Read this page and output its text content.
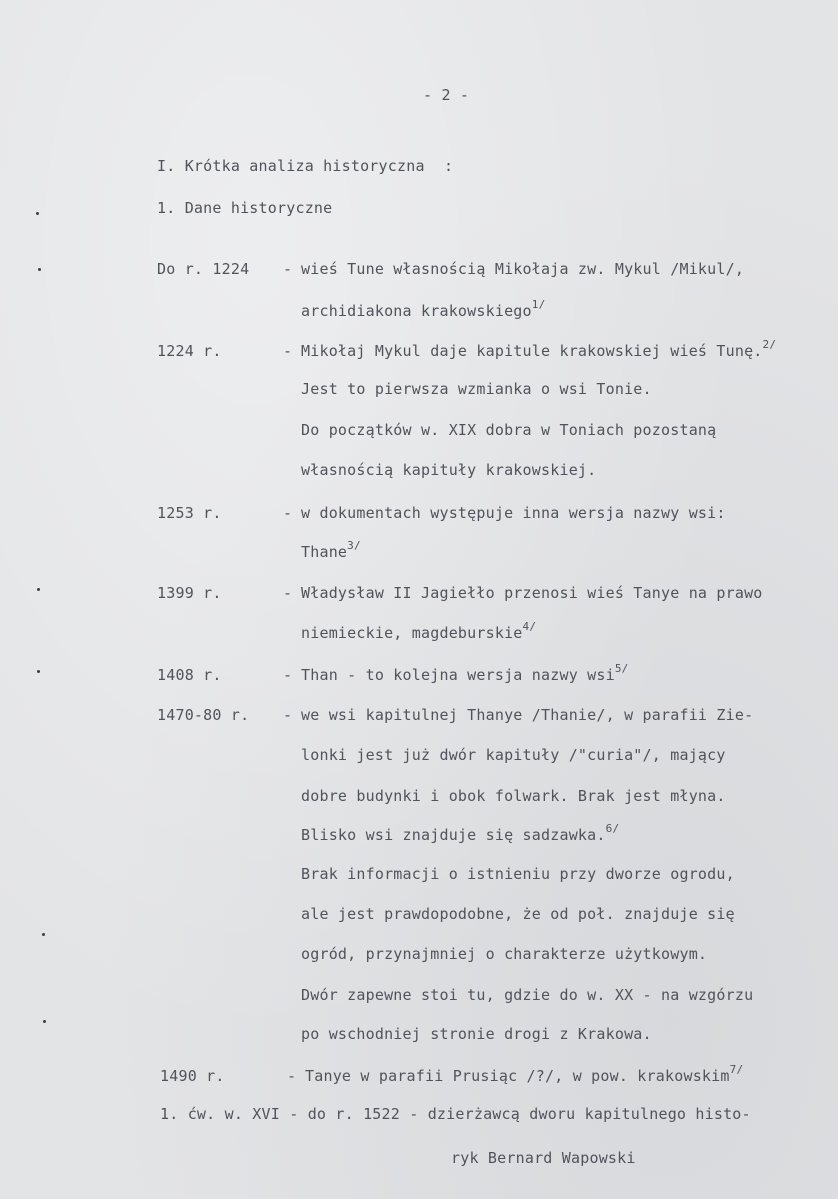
- 2 -
I. Krótka analiza historyczna :
1. Dane historyczne
Do r. 1224 - wieś Tune własnością Mikołaja zw. Mykul /Mikul/,
archidiakona krakowskiego$^{1/}$
1224 r.	- Mikołaj Mykul daje kapitule krakowskiej wieś Tunę.$^{2/}$
Jest to pierwsza wzmianka o wsi Tonie.
Do początków w. XIX dobra w Toniach pozostaną
własnością kapituły krakowskiej.
1253 r.	- w dokumentach występuje inna wersja nazwy wsi:
Thane$^{3/}$
1399 r.	- Władysław II Jagiełło przenosi wieś Tanye na prawo
niemieckie, magdeburskie$^{4/}$
1408 r.	- Than - to kolejna wersja nazwy wsi$^{5/}$
1470-80 r. - we wsi kapitulnej Thanye /Thanie/, w parafii Zie-
lonki jest już dwór kapituły /"curia"/, mający
dobre budynki i obok folwark. Brak jest młyna.
Blisko wsi znajduje się sadzawka.$^{6/}$
Brak informacji o istnieniu przy dworze ogrodu,
ale jest prawdopodobne, że od poł. znajduje się
ogród, przynajmniej o charakterze użytkowym.
Dwór zapewne stoi tu, gdzie do w. XX - na wzgórzu
po wschodniej stronie drogi z Krakowa.
1490 r.	- Tanye w parafii Prusiąc /?/, w pow. krakowskim$^{7/}$
1. ćw. w. XVI - do r. 1522 - dzierżawcą dworu kapitulnego histo-
ryk Bernard Wapowski
